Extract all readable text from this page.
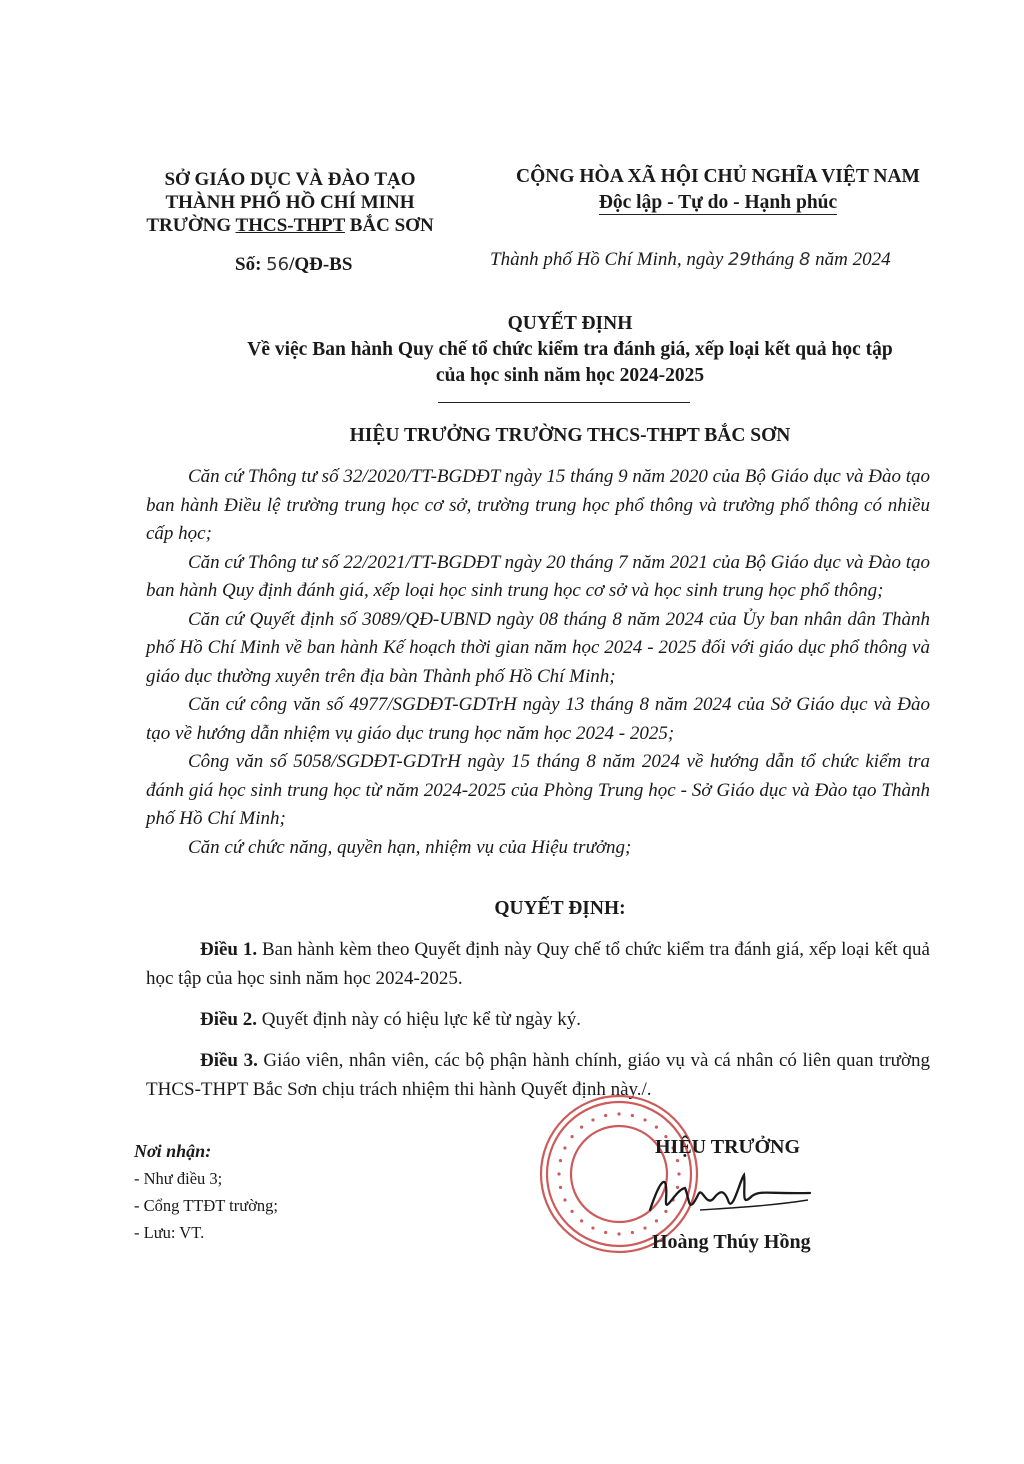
SỞ GIÁO DỤC VÀ ĐÀO TẠO
THÀNH PHỐ HỒ CHÍ MINH
TRƯỜNG THCS-THPT BẮC SƠN
Số: 56/QĐ-BS
CỘNG HÒA XÃ HỘI CHỦ NGHĨA VIỆT NAM
Độc lập - Tự do - Hạnh phúc
Thành phố Hồ Chí Minh, ngày 29tháng 8 năm 2024
QUYẾT ĐỊNH
Về việc Ban hành Quy chế tổ chức kiểm tra đánh giá, xếp loại kết quả học tập
của học sinh năm học 2024-2025
HIỆU TRƯỞNG TRƯỜNG THCS-THPT BẮC SƠN

Căn cứ Thông tư số 32/2020/TT-BGDĐT ngày 15 tháng 9 năm 2020 của Bộ Giáo dục và Đào tạo ban hành Điều lệ trường trung học cơ sở, trường trung học phổ thông và trường phổ thông có nhiều cấp học;

Căn cứ Thông tư số 22/2021/TT-BGDĐT ngày 20 tháng 7 năm 2021 của Bộ Giáo dục và Đào tạo ban hành Quy định đánh giá, xếp loại học sinh trung học cơ sở và học sinh trung học phổ thông;

Căn cứ Quyết định số 3089/QĐ-UBND ngày 08 tháng 8 năm 2024 của Ủy ban nhân dân Thành phố Hồ Chí Minh về ban hành Kế hoạch thời gian năm học 2024 - 2025 đối với giáo dục phổ thông và giáo dục thường xuyên trên địa bàn Thành phố Hồ Chí Minh;

Căn cứ công văn số 4977/SGDĐT-GDTrH ngày 13 tháng 8 năm 2024 của Sở Giáo dục và Đào tạo về hướng dẫn nhiệm vụ giáo dục trung học năm học 2024 - 2025;

Công văn số 5058/SGDĐT-GDTrH ngày 15 tháng 8 năm 2024 về hướng dẫn tổ chức kiểm tra đánh giá học sinh trung học từ năm 2024-2025 của Phòng Trung học - Sở Giáo dục và Đào tạo Thành phố Hồ Chí Minh;

Căn cứ chức năng, quyền hạn, nhiệm vụ của Hiệu trưởng;

QUYẾT ĐỊNH:

Điều 1. Ban hành kèm theo Quyết định này Quy chế tổ chức kiểm tra đánh giá, xếp loại kết quả học tập của học sinh năm học 2024-2025.

Điều 2. Quyết định này có hiệu lực kể từ ngày ký.

Điều 3. Giáo viên, nhân viên, các bộ phận hành chính, giáo vụ và cá nhân có liên quan trường THCS-THPT Bắc Sơn chịu trách nhiệm thi hành Quyết định này./.

Nơi nhận:
- Như điều 3;
- Cổng TTĐT trường;
- Lưu: VT.
HIỆU TRƯỞNG
Hoàng Thúy Hồng
